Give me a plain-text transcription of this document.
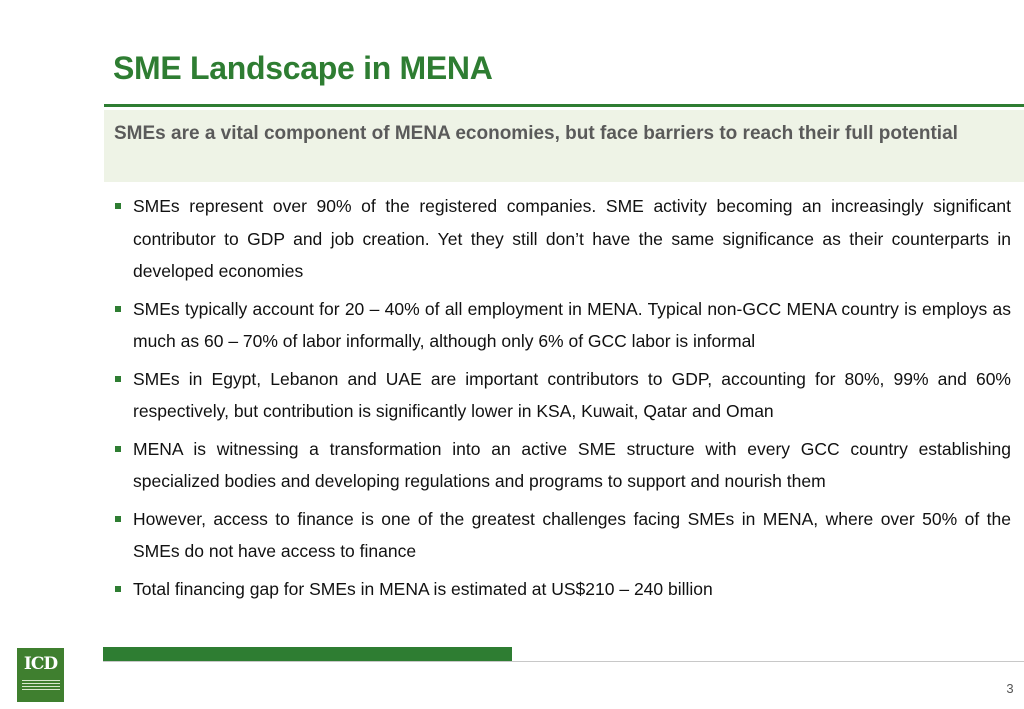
SME Landscape in MENA
SMEs are a vital component of MENA economies, but face barriers to reach their full potential
SMEs represent over 90% of the registered companies. SME activity becoming an increasingly significant contributor to GDP and job creation. Yet they still don’t have the same significance as their counterparts in developed economies
SMEs typically account for 20 – 40% of all employment in MENA. Typical non-GCC MENA country is employs as much as 60 – 70% of labor informally, although only 6% of GCC labor is informal
SMEs in Egypt, Lebanon and UAE are important contributors to GDP, accounting for 80%, 99% and 60% respectively, but contribution is significantly lower in KSA, Kuwait, Qatar and Oman
MENA is witnessing a transformation into an active SME structure with every GCC country establishing specialized bodies and developing regulations and programs to support and nourish them
However, access to finance is one of the greatest challenges facing SMEs in MENA, where over 50% of the SMEs do not have access to finance
Total financing gap for SMEs in MENA is estimated at US$210 – 240 billion
ICD
3
